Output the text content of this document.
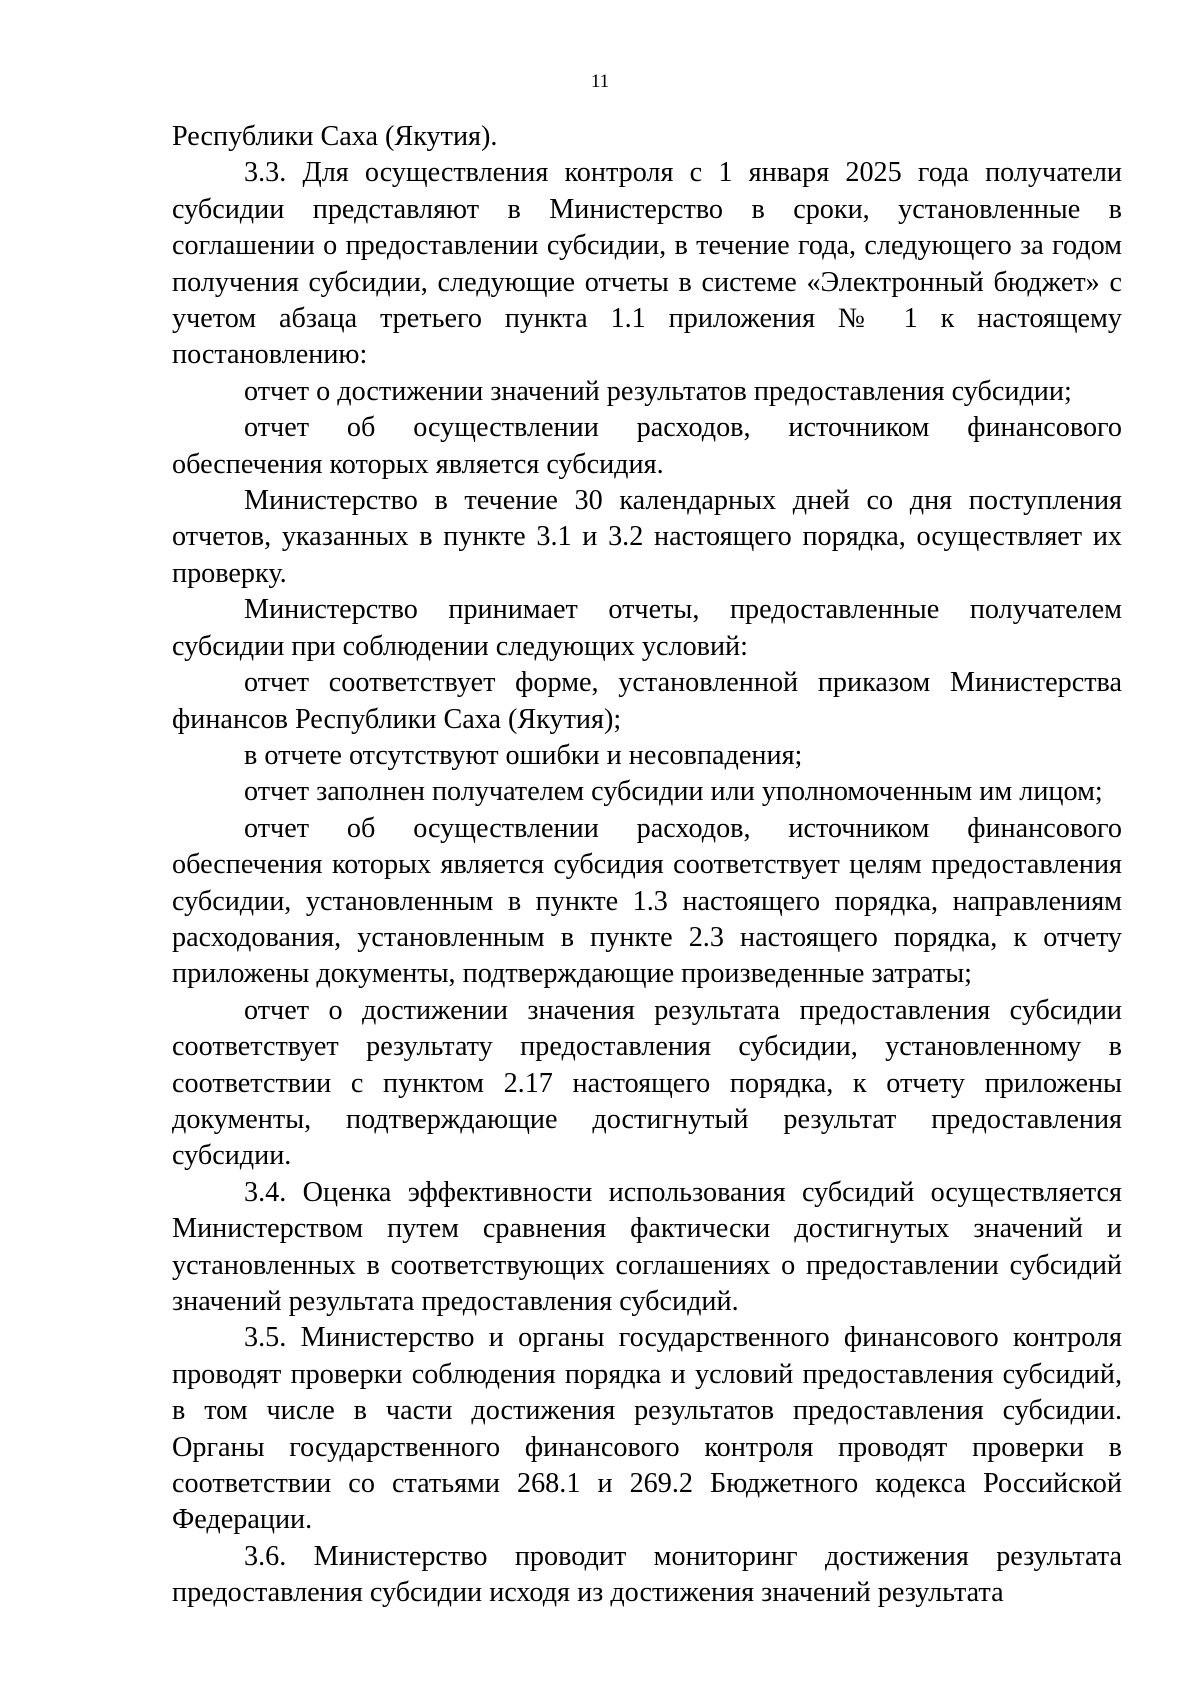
11

Республики Саха (Якутия).

3.3. Для осуществления контроля с 1 января 2025 года получатели субсидии представляют в Министерство в сроки, установленные в соглашении о предоставлении субсидии, в течение года, следующего за годом получения субсидии, следующие отчеты в системе «Электронный бюджет» с учетом абзаца третьего пункта 1.1 приложения № 1 к настоящему постановлению:

отчет о достижении значений результатов предоставления субсидии;

отчет об осуществлении расходов, источником финансового обеспечения которых является субсидия.

Министерство в течение 30 календарных дней со дня поступления отчетов, указанных в пункте 3.1 и 3.2 настоящего порядка, осуществляет их проверку.

Министерство принимает отчеты, предоставленные получателем субсидии при соблюдении следующих условий:

отчет соответствует форме, установленной приказом Министерства финансов Республики Саха (Якутия);

в отчете отсутствуют ошибки и несовпадения;

отчет заполнен получателем субсидии или уполномоченным им лицом;

отчет об осуществлении расходов, источником финансового обеспечения которых является субсидия соответствует целям предоставления субсидии, установленным в пункте 1.3 настоящего порядка, направлениям расходования, установленным в пункте 2.3 настоящего порядка, к отчету приложены документы, подтверждающие произведенные затраты;

отчет о достижении значения результата предоставления субсидии соответствует результату предоставления субсидии, установленному в соответствии с пунктом 2.17 настоящего порядка, к отчету приложены документы, подтверждающие достигнутый результат предоставления субсидии.

3.4. Оценка эффективности использования субсидий осуществляется Министерством путем сравнения фактически достигнутых значений и установленных в соответствующих соглашениях о предоставлении субсидий значений результата предоставления субсидий.

3.5. Министерство и органы государственного финансового контроля проводят проверки соблюдения порядка и условий предоставления субсидий, в том числе в части достижения результатов предоставления субсидии. Органы государственного финансового контроля проводят проверки в соответствии со статьями 268.1 и 269.2 Бюджетного кодекса Российской Федерации.

3.6. Министерство проводит мониторинг достижения результата предоставления субсидии исходя из достижения значений результата
